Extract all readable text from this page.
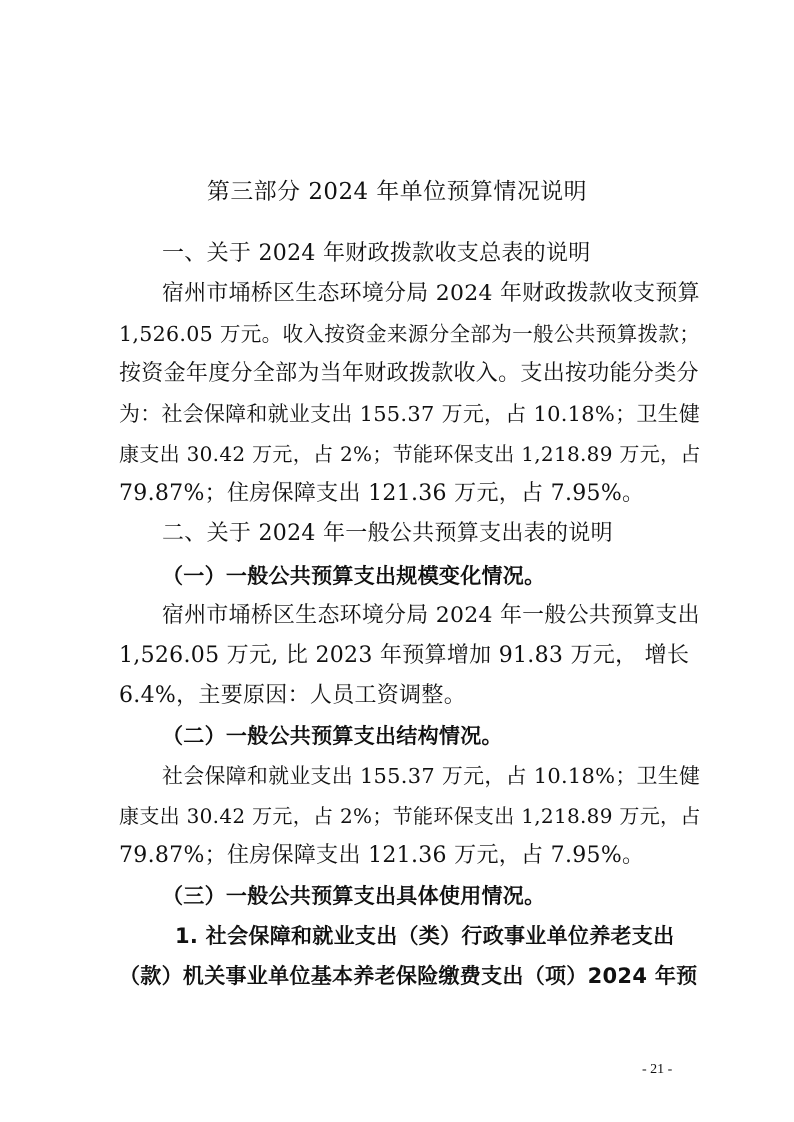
第三部分 2024 年单位预算情况说明
一、关于 2024 年财政拨款收支总表的说明
宿州市埇桥区生态环境分局 2024 年财政拨款收支预算
1,526.05 万元。收入按资金来源分全部为一般公共预算拨款；
按资金年度分全部为当年财政拨款收入。支出按功能分类分
为：社会保障和就业支出 155.37 万元，占 10.18%；卫生健
康支出 30.42 万元，占 2%；节能环保支出 1,218.89 万元，占
79.87%；住房保障支出 121.36 万元，占 7.95%。
二、关于 2024 年一般公共预算支出表的说明
（一）一般公共预算支出规模变化情况。
宿州市埇桥区生态环境分局 2024 年一般公共预算支出
1,526.05 万元, 比 2023 年预算增加 91.83 万元， 增长
6.4%，主要原因：人员工资调整。
（二）一般公共预算支出结构情况。
社会保障和就业支出 155.37 万元，占 10.18%；卫生健
康支出 30.42 万元，占 2%；节能环保支出 1,218.89 万元，占
79.87%；住房保障支出 121.36 万元，占 7.95%。
（三）一般公共预算支出具体使用情况。
1. 社会保障和就业支出（类）行政事业单位养老支出
（款）机关事业单位基本养老保险缴费支出（项）2024 年预
- 21 -
